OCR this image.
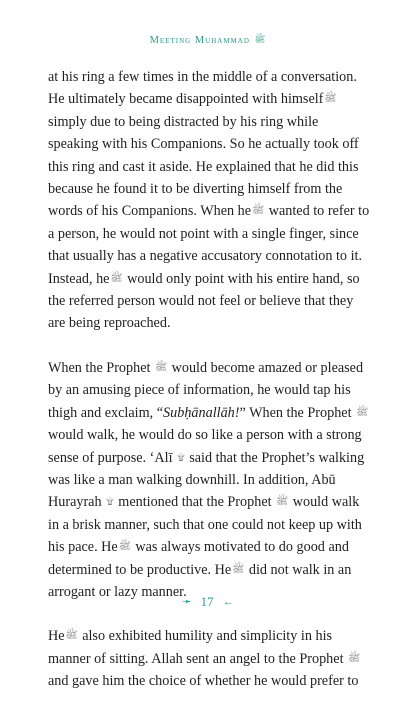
Meeting Muhammad ﷺ

at his ring a few times in the middle of a conversation. He ultimately became disappointed with himselfﷺ simply due to being distracted by his ring while speaking with his Companions. So he actually took off this ring and cast it aside. He explained that he did this because he found it to be diverting himself from the words of his Companions. When heﷺ wanted to refer to a person, he would not point with a single finger, since that usually has a negative accusatory connotation to it. Instead, heﷺ would only point with his entire hand, so the referred person would not feel or believe that they are being reproached.

When the Prophet ﷺ would become amazed or pleased by an amusing piece of information, he would tap his thigh and exclaim, “Subḥānallāh!” When the Prophet ﷺ would walk, he would do so like a person with a strong sense of purpose. ‘Alī ۩ said that the Prophet’s walking was like a man walking downhill. In addition, Abū Hurayrah ۩ mentioned that the Prophet ﷺ would walk in a brisk manner, such that one could not keep up with his pace. Heﷺ was always motivated to do good and determined to be productive. Heﷺ did not walk in an arrogant or lazy manner.

Heﷺ also exhibited humility and simplicity in his manner of sitting. Allah sent an angel to the Prophet ﷺ and gave him the choice of whether he would prefer to

➛ 17 ←
